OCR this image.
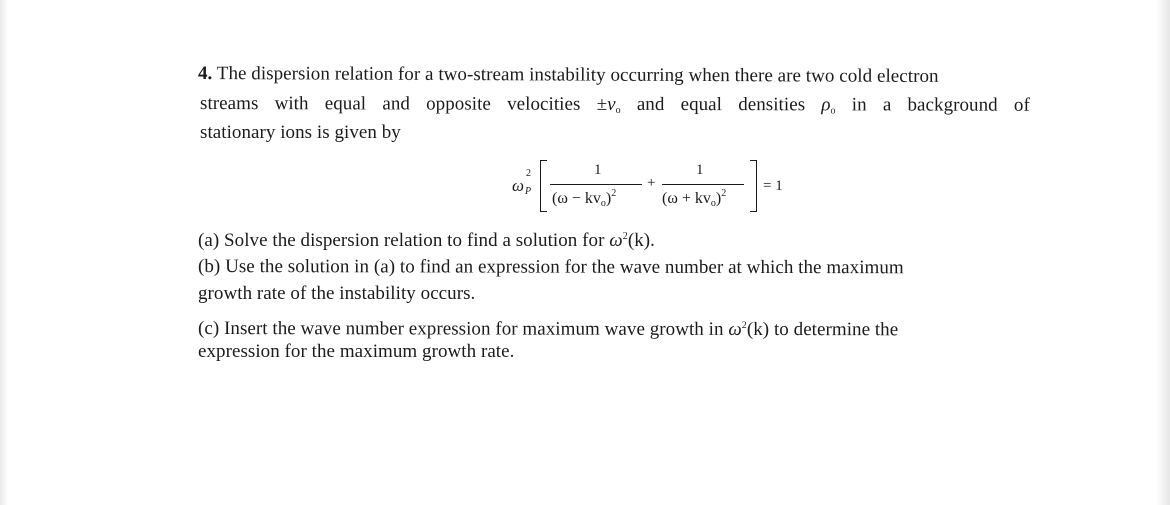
4. The dispersion relation for a two-stream instability occurring when there are two cold electron
streams with equal and opposite velocities ±vo and equal densities ρo in a background of
stationary ions is given by
ω
2
P
1
(ω − kvo)$^2$
+
1
(ω + kvo)$^2$ = 1
(a) Solve the dispersion relation to find a solution for $\omega^2(k)$.
(b) Use the solution in (a) to find an expression for the wave number at which the maximum
growth rate of the instability occurs.
(c) Insert the wave number expression for maximum wave growth in $\omega^2(k)$ to determine the
expression for the maximum growth rate.
